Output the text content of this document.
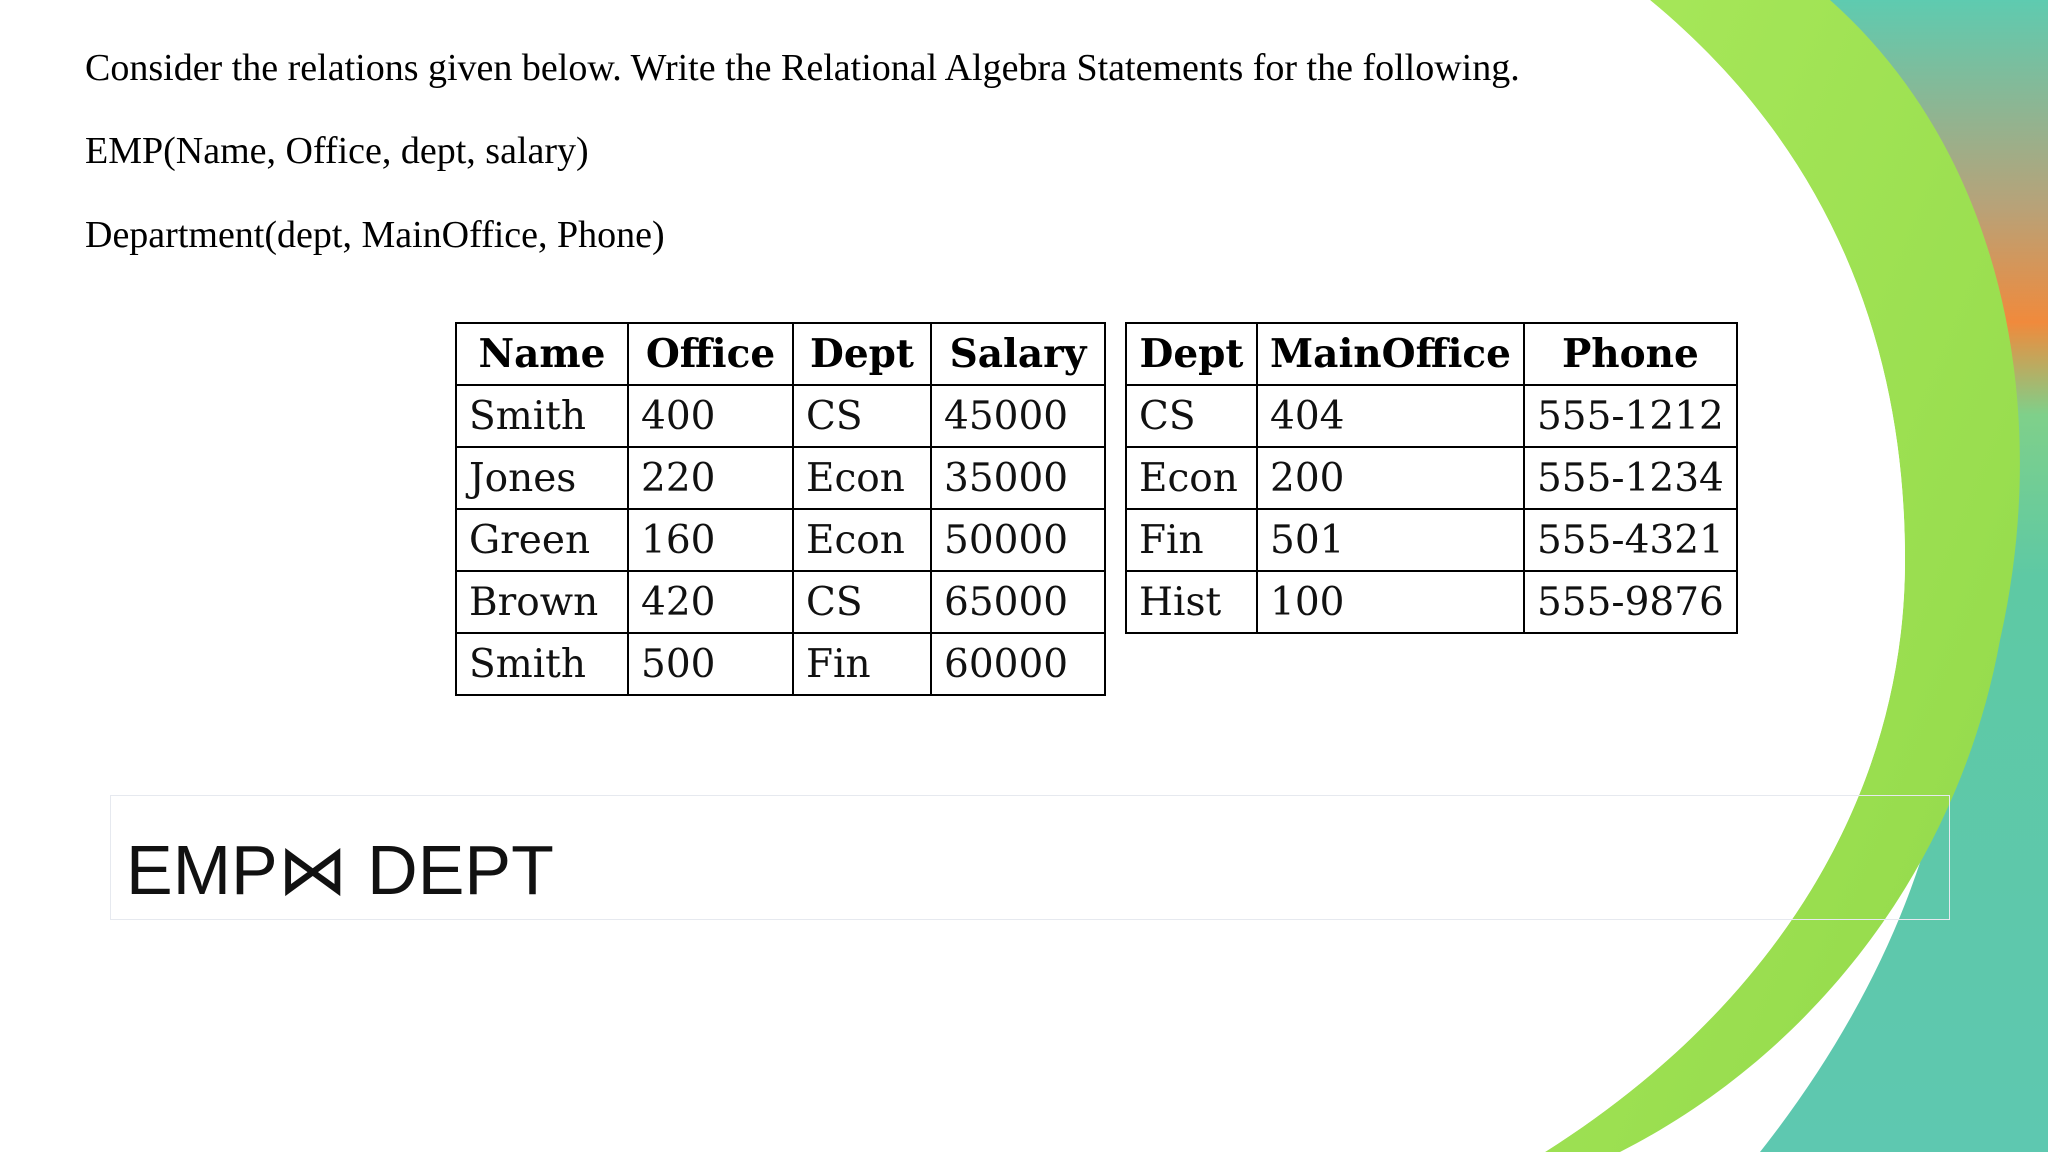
Consider the relations given below. Write the Relational Algebra Statements for the following.
EMP(Name, Office, dept, salary)
Department(dept, MainOffice, Phone)
Name	Office	Dept	Salary
Smith	400	CS	45000
Jones	220	Econ	35000
Green	160	Econ	50000
Brown	420	CS	65000
Smith	500	Fin	60000
Dept	MainOffice	Phone
CS	404	555-1212
Econ	200	555-1234
Fin	501	555-4321
Hist	100	555-9876
EMP⋈ DEPT
